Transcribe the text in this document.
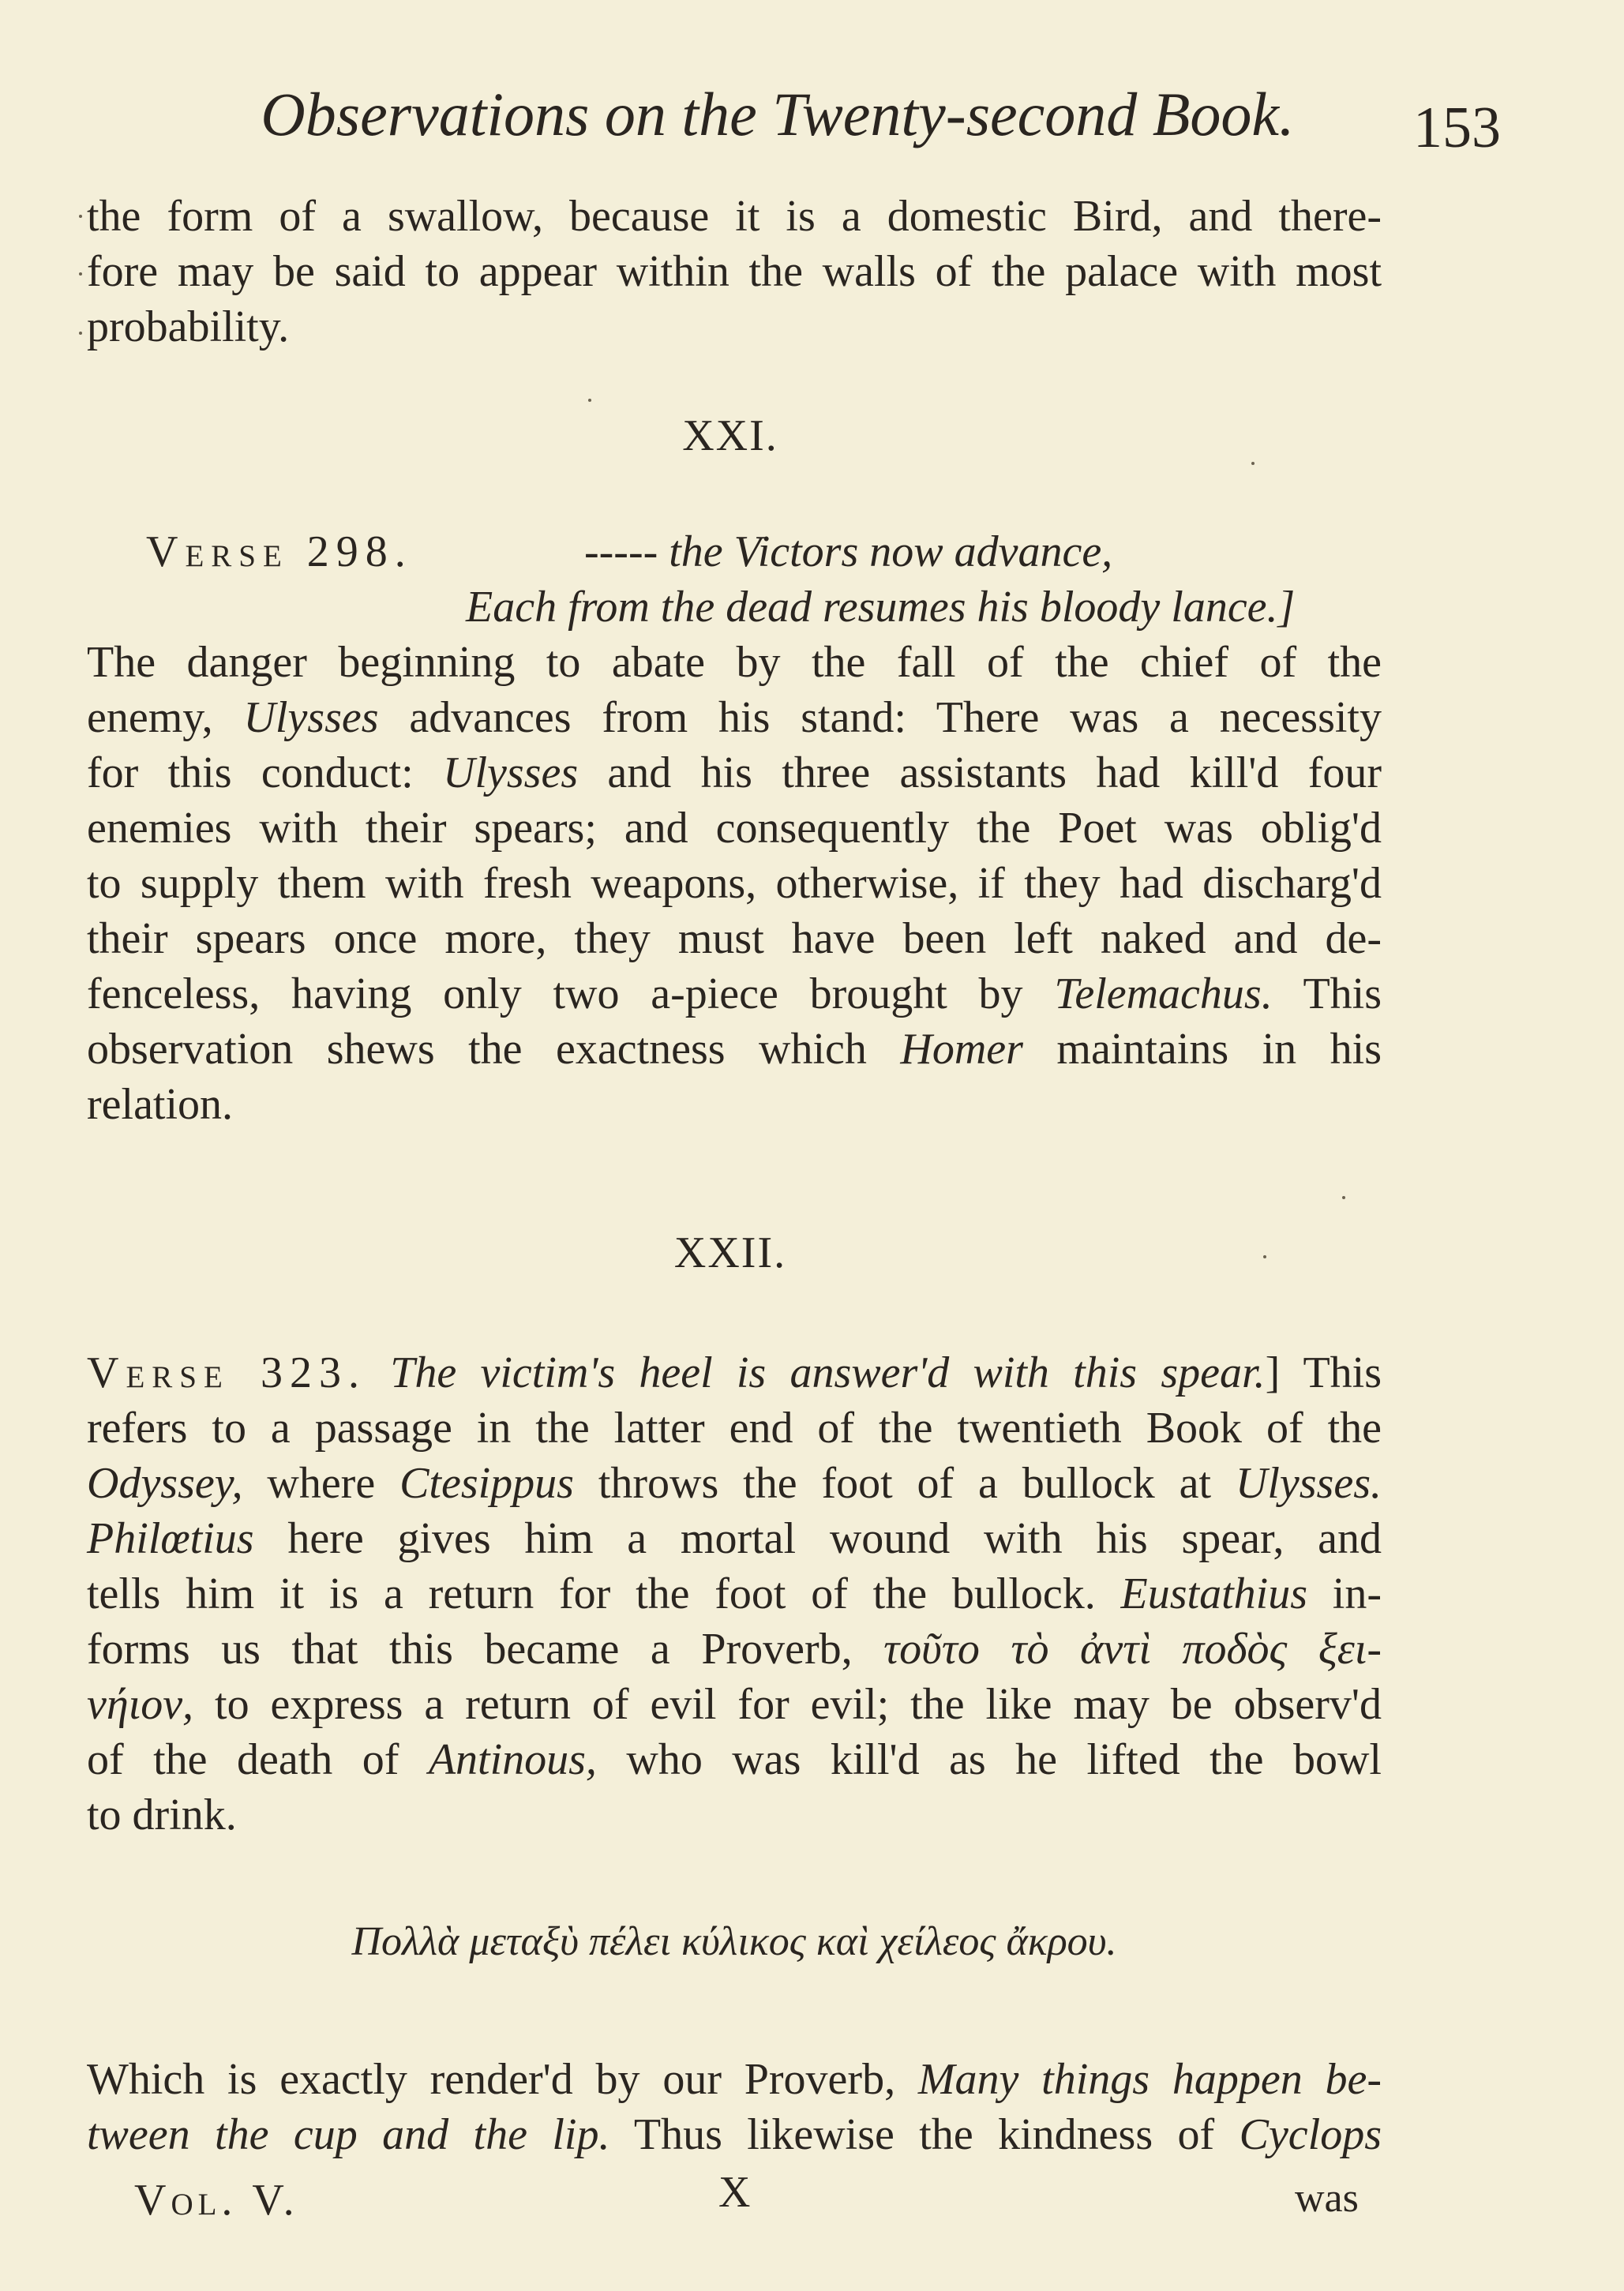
Observations on the Twenty-second Book. 153
the form of a swallow, because it is a domestic Bird, and there-
fore may be said to appear within the walls of the palace with most
probability.
XXI.
Verse 298.	----- the Victors now advance,
Each from the dead resumes his bloody lance.]
The danger beginning to abate by the fall of the chief of the
enemy, Ulysses advances from his stand: There was a necessity
for this conduct: Ulysses and his three assistants had kill'd four
enemies with their spears; and consequently the Poet was oblig'd
to supply them with fresh weapons, otherwise, if they had discharg'd
their spears once more, they must have been left naked and de-
fenceless, having only two a-piece brought by Telemachus. This
observation shews the exactness which Homer maintains in his
relation.
XXII.
Verse 323. The victim's heel is answer'd with this spear.] This
refers to a passage in the latter end of the twentieth Book of the
Odyssey, where Ctesippus throws the foot of a bullock at Ulysses.
Philœtius here gives him a mortal wound with his spear, and
tells him it is a return for the foot of the bullock. Eustathius in-
forms us that this became a Proverb, τοῦτο τὸ ἀντὶ ποδὸς ξει-
νήιον, to express a return of evil for evil; the like may be observ'd
of the death of Antinous, who was kill'd as he lifted the bowl
to drink.
Πολλὰ μεταξὺ πέλει κύλικος καὶ χείλεος ἄκρου.
Which is exactly render'd by our Proverb, Many things happen be-
tween the cup and the lip. Thus likewise the kindness of Cyclops
Vol. V.	X	was
